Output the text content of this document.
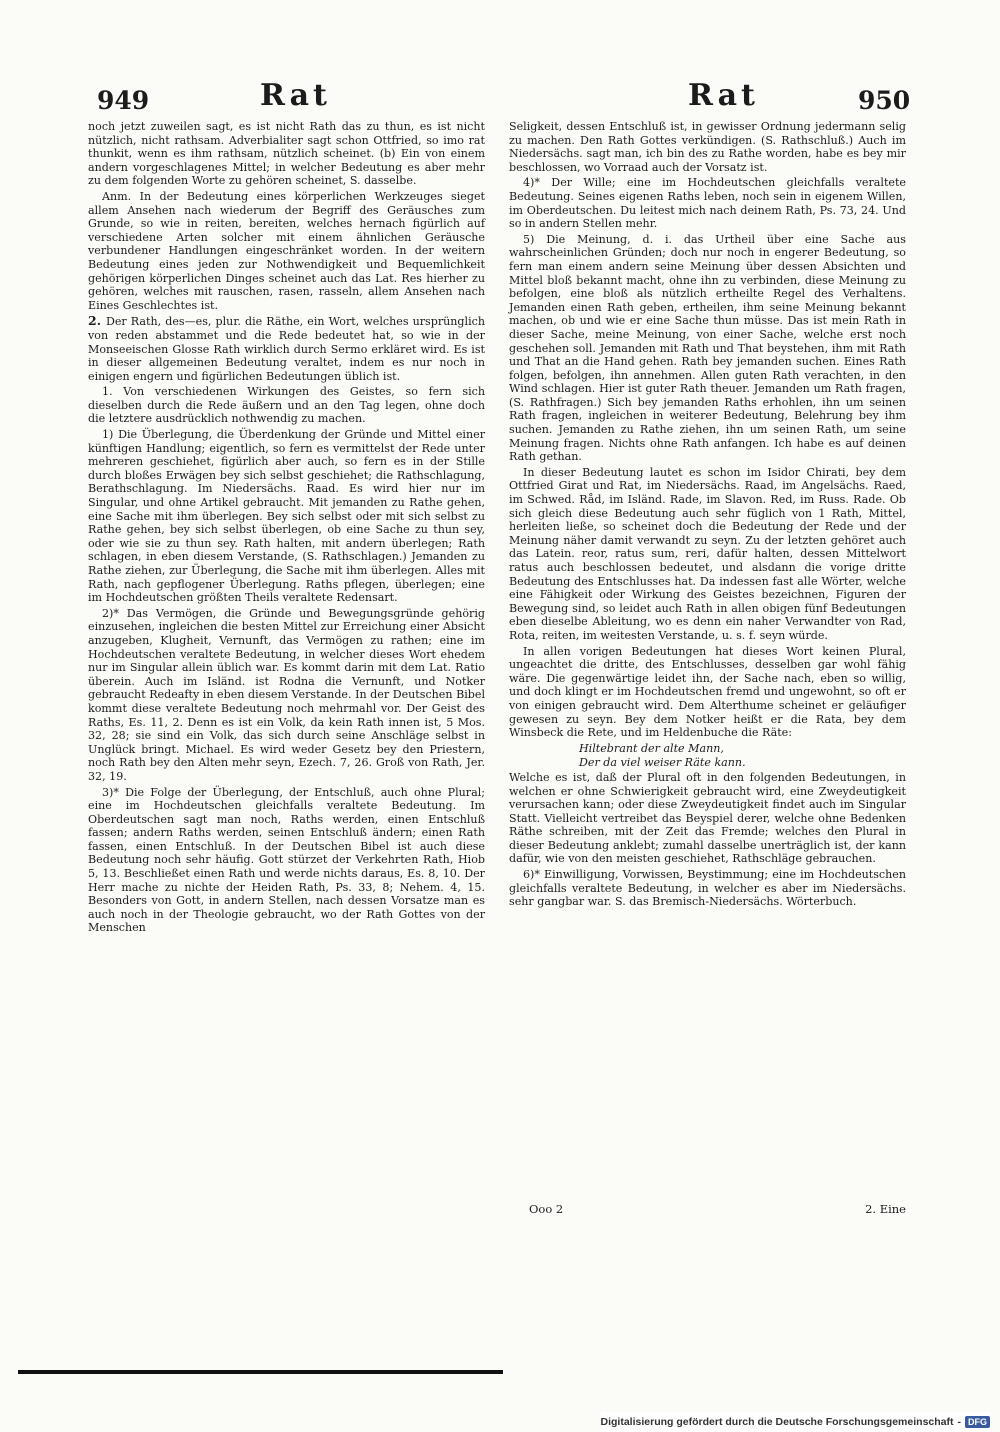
949	Rat	Rat	950

noch jetzt zuweilen sagt, es ist nicht Rath das zu thun, es ist nicht nützlich, nicht rathsam. Adverbialiter sagt schon Ottfried, so imo rat thunkit, wenn es ihm rathsam, nützlich scheinet. (b) Ein von einem andern vorgeschlagenes Mittel; in welcher Bedeutung es aber mehr zu dem folgenden Worte zu gehören scheinet, S. dasselbe.

Anm. In der Bedeutung eines körperlichen Werkzeuges sieget allem Ansehen nach wiederum der Begriff des Geräusches zum Grunde, so wie in reiten, bereiten, welches hernach figürlich auf verschiedene Arten solcher mit einem ähnlichen Geräusche verbundener Handlungen eingeschränket worden. In der weitern Bedeutung eines jeden zur Nothwendigkeit und Bequemlichkeit gehörigen körperlichen Dinges scheinet auch das Lat. Res hierher zu gehören, welches mit rauschen, rasen, rasseln, allem Ansehen nach Eines Geschlechtes ist.

2. Der Rath, des—es, plur. die Räthe, ein Wort, welches ursprünglich von reden abstammet und die Rede bedeutet hat, so wie in der Monseeischen Glosse Rath wirklich durch Sermo erkläret wird. Es ist in dieser allgemeinen Bedeutung veraltet, indem es nur noch in einigen engern und figürlichen Bedeutungen üblich ist.

1. Von verschiedenen Wirkungen des Geistes, so fern sich dieselben durch die Rede äußern und an den Tag legen, ohne doch die letztere ausdrücklich nothwendig zu machen.

1) Die Überlegung, die Überdenkung der Gründe und Mittel einer künftigen Handlung; eigentlich, so fern es vermittelst der Rede unter mehreren geschiehet, figürlich aber auch, so fern es in der Stille durch bloßes Erwägen bey sich selbst geschiehet; die Rathschlagung, Berathschlagung. Im Niedersächs. Raad. Es wird hier nur im Singular, und ohne Artikel gebraucht. Mit jemanden zu Rathe gehen, eine Sache mit ihm überlegen. Bey sich selbst oder mit sich selbst zu Rathe gehen, bey sich selbst überlegen, ob eine Sache zu thun sey, oder wie sie zu thun sey. Rath halten, mit andern überlegen; Rath schlagen, in eben diesem Verstande, (S. Rathschlagen.) Jemanden zu Rathe ziehen, zur Überlegung, die Sache mit ihm überlegen. Alles mit Rath, nach gepflogener Überlegung. Raths pflegen, überlegen; eine im Hochdeutschen größten Theils veraltete Redensart.

2)* Das Vermögen, die Gründe und Bewegungsgründe gehörig einzusehen, ingleichen die besten Mittel zur Erreichung einer Absicht anzugeben, Klugheit, Vernunft, das Vermögen zu rathen; eine im Hochdeutschen veraltete Bedeutung, in welcher dieses Wort ehedem nur im Singular allein üblich war. Es kommt darin mit dem Lat. Ratio überein. Auch im Isländ. ist Rodna die Vernunft, und Notker gebraucht Redeafty in eben diesem Verstande. In der Deutschen Bibel kommt diese veraltete Bedeutung noch mehrmahl vor. Der Geist des Raths, Es. 11, 2. Denn es ist ein Volk, da kein Rath innen ist, 5 Mos. 32, 28; sie sind ein Volk, das sich durch seine Anschläge selbst in Unglück bringt. Michael. Es wird weder Gesetz bey den Priestern, noch Rath bey den Alten mehr seyn, Ezech. 7, 26. Groß von Rath, Jer. 32, 19.

3)* Die Folge der Überlegung, der Entschluß, auch ohne Plural; eine im Hochdeutschen gleichfalls veraltete Bedeutung. Im Oberdeutschen sagt man noch, Raths werden, einen Entschluß fassen; andern Raths werden, seinen Entschluß ändern; einen Rath fassen, einen Entschluß. In der Deutschen Bibel ist auch diese Bedeutung noch sehr häufig. Gott stürzet der Verkehrten Rath, Hiob 5, 13. Beschließet einen Rath und werde nichts daraus, Es. 8, 10. Der Herr mache zu nichte der Heiden Rath, Ps. 33, 8; Nehem. 4, 15. Besonders von Gott, in andern Stellen, nach dessen Vorsatze man es auch noch in der Theologie gebraucht, wo der Rath Gottes von der Menschen

Seligkeit, dessen Entschluß ist, in gewisser Ordnung jedermann selig zu machen. Den Rath Gottes verkündigen. (S. Rathschluß.) Auch im Niedersächs. sagt man, ich bin des zu Rathe worden, habe es bey mir beschlossen, wo Vorraad auch der Vorsatz ist.

4)* Der Wille; eine im Hochdeutschen gleichfalls veraltete Bedeutung. Seines eigenen Raths leben, noch sein in eigenem Willen, im Oberdeutschen. Du leitest mich nach deinem Rath, Ps. 73, 24. Und so in andern Stellen mehr.

5) Die Meinung, d. i. das Urtheil über eine Sache aus wahrscheinlichen Gründen; doch nur noch in engerer Bedeutung, so fern man einem andern seine Meinung über dessen Absichten und Mittel bloß bekannt macht, ohne ihn zu verbinden, diese Meinung zu befolgen, eine bloß als nützlich ertheilte Regel des Verhaltens. Jemanden einen Rath geben, ertheilen, ihm seine Meinung bekannt machen, ob und wie er eine Sache thun müsse. Das ist mein Rath in dieser Sache, meine Meinung, von einer Sache, welche erst noch geschehen soll. Jemanden mit Rath und That beystehen, ihm mit Rath und That an die Hand gehen. Rath bey jemanden suchen. Eines Rath folgen, befolgen, ihn annehmen. Allen guten Rath verachten, in den Wind schlagen. Hier ist guter Rath theuer. Jemanden um Rath fragen, (S. Rathfragen.) Sich bey jemanden Raths erhohlen, ihn um seinen Rath fragen, ingleichen in weiterer Bedeutung, Belehrung bey ihm suchen. Jemanden zu Rathe ziehen, ihn um seinen Rath, um seine Meinung fragen. Nichts ohne Rath anfangen. Ich habe es auf deinen Rath gethan.

In dieser Bedeutung lautet es schon im Isidor Chirati, bey dem Ottfried Girat und Rat, im Niedersächs. Raad, im Angelsächs. Raed, im Schwed. Råd, im Isländ. Rade, im Slavon. Red, im Russ. Rade. Ob sich gleich diese Bedeutung auch sehr füglich von 1 Rath, Mittel, herleiten ließe, so scheinet doch die Bedeutung der Rede und der Meinung näher damit verwandt zu seyn. Zu der letzten gehöret auch das Latein. reor, ratus sum, reri, dafür halten, dessen Mittelwort ratus auch beschlossen bedeutet, und alsdann die vorige dritte Bedeutung des Entschlusses hat. Da indessen fast alle Wörter, welche eine Fähigkeit oder Wirkung des Geistes bezeichnen, Figuren der Bewegung sind, so leidet auch Rath in allen obigen fünf Bedeutungen eben dieselbe Ableitung, wo es denn ein naher Verwandter von Rad, Rota, reiten, im weitesten Verstande, u. s. f. seyn würde.

In allen vorigen Bedeutungen hat dieses Wort keinen Plural, ungeachtet die dritte, des Entschlusses, desselben gar wohl fähig wäre. Die gegenwärtige leidet ihn, der Sache nach, eben so willig, und doch klingt er im Hochdeutschen fremd und ungewohnt, so oft er von einigen gebraucht wird. Dem Alterthume scheinet er geläufiger gewesen zu seyn. Bey dem Notker heißt er die Rata, bey dem Winsbeck die Rete, und im Heldenbuche die Räte:

Hiltebrant der alte Mann,

Der da viel weiser Räte kann.

Welche es ist, daß der Plural oft in den folgenden Bedeutungen, in welchen er ohne Schwierigkeit gebraucht wird, eine Zweydeutigkeit verursachen kann; oder diese Zweydeutigkeit findet auch im Singular Statt. Vielleicht vertreibet das Beyspiel derer, welche ohne Bedenken Räthe schreiben, mit der Zeit das Fremde; welches den Plural in dieser Bedeutung anklebt; zumahl dasselbe unerträglich ist, der kann dafür, wie von den meisten geschiehet, Rathschläge gebrauchen.

6)* Einwilligung, Vorwissen, Beystimmung; eine im Hochdeutschen gleichfalls veraltete Bedeutung, in welcher es aber im Niedersächs. sehr gangbar war. S. das Bremisch-Niedersächs. Wörterbuch.

Ooo 2	2. Eine
Digitalisierung gefördert durch die Deutsche Forschungsgemeinschaft - DFG
